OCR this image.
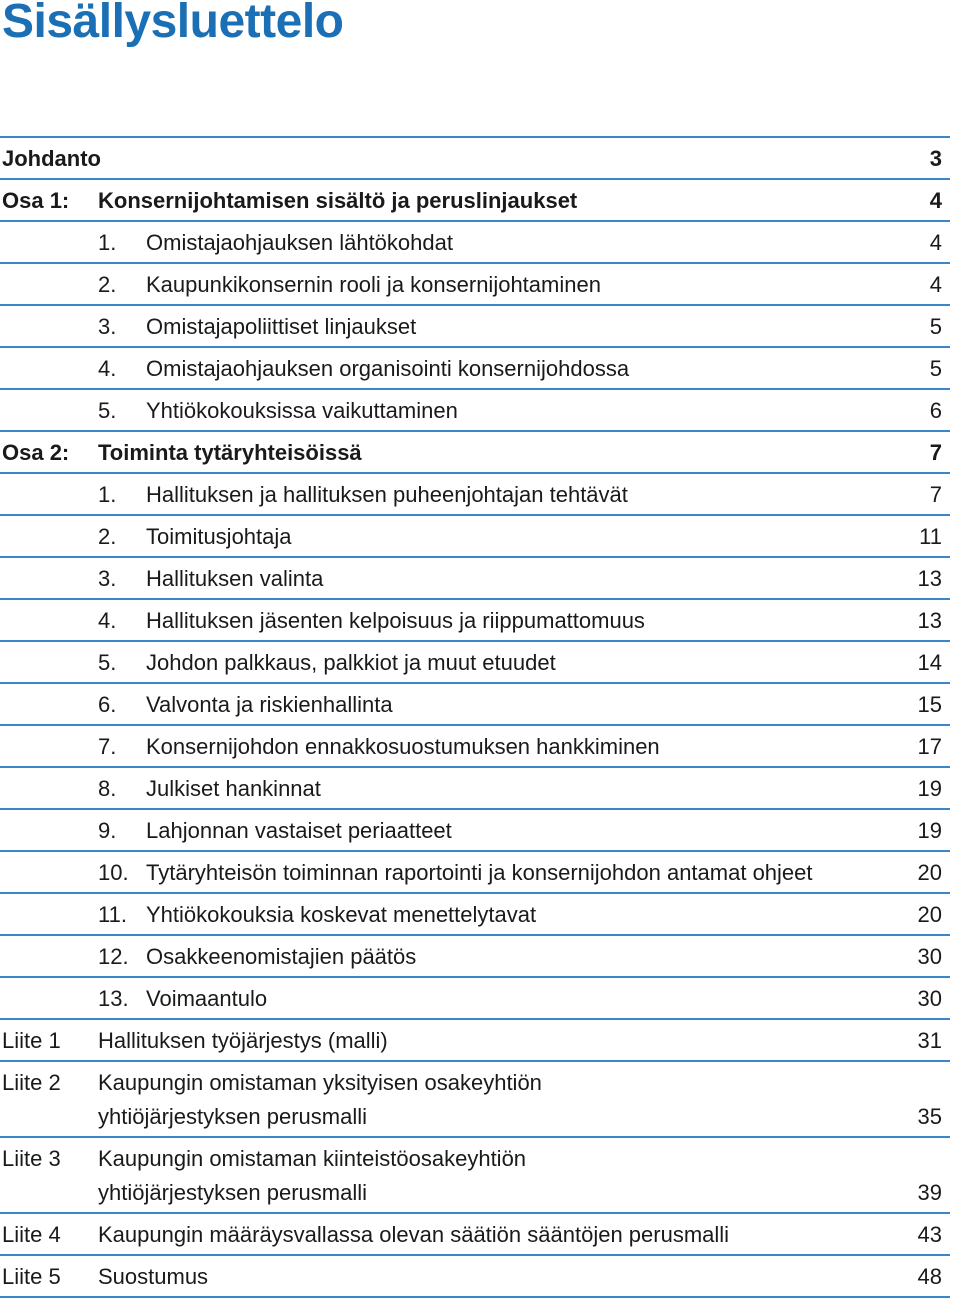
Sisällysluettelo
Johdanto	3
Osa 1: Konsernijohtamisen sisältö ja peruslinjaukset	4
1. Omistajaohjauksen lähtökohdat	4
2. Kaupunkikonsernin rooli ja konsernijohtaminen	4
3. Omistajapoliittiset linjaukset	5
4. Omistajaohjauksen organisointi konsernijohdossa	5
5. Yhtiökokouksissa vaikuttaminen	6
Osa 2: Toiminta tytäryhteisöissä	7
1. Hallituksen ja hallituksen puheenjohtajan tehtävät	7
2. Toimitusjohtaja	11
3. Hallituksen valinta	13
4. Hallituksen jäsenten kelpoisuus ja riippumattomuus	13
5. Johdon palkkaus, palkkiot ja muut etuudet	14
6. Valvonta ja riskienhallinta	15
7. Konsernijohdon ennakkosuostumuksen hankkiminen	17
8. Julkiset hankinnat	19
9. Lahjonnan vastaiset periaatteet	19
10. Tytäryhteisön toiminnan raportointi ja konsernijohdon antamat ohjeet	20
11. Yhtiökokouksia koskevat menettelytavat	20
12. Osakkeenomistajien päätös	30
13. Voimaantulo	30
Liite 1 Hallituksen työjärjestys (malli)	31
Liite 2 Kaupungin omistaman yksityisen osakeyhtiön
yhtiöjärjestyksen perusmalli	35
Liite 3 Kaupungin omistaman kiinteistöosakeyhtiön
yhtiöjärjestyksen perusmalli	39
Liite 4 Kaupungin määräysvallassa olevan säätiön sääntöjen perusmalli	43
Liite 5 Suostumus	48
